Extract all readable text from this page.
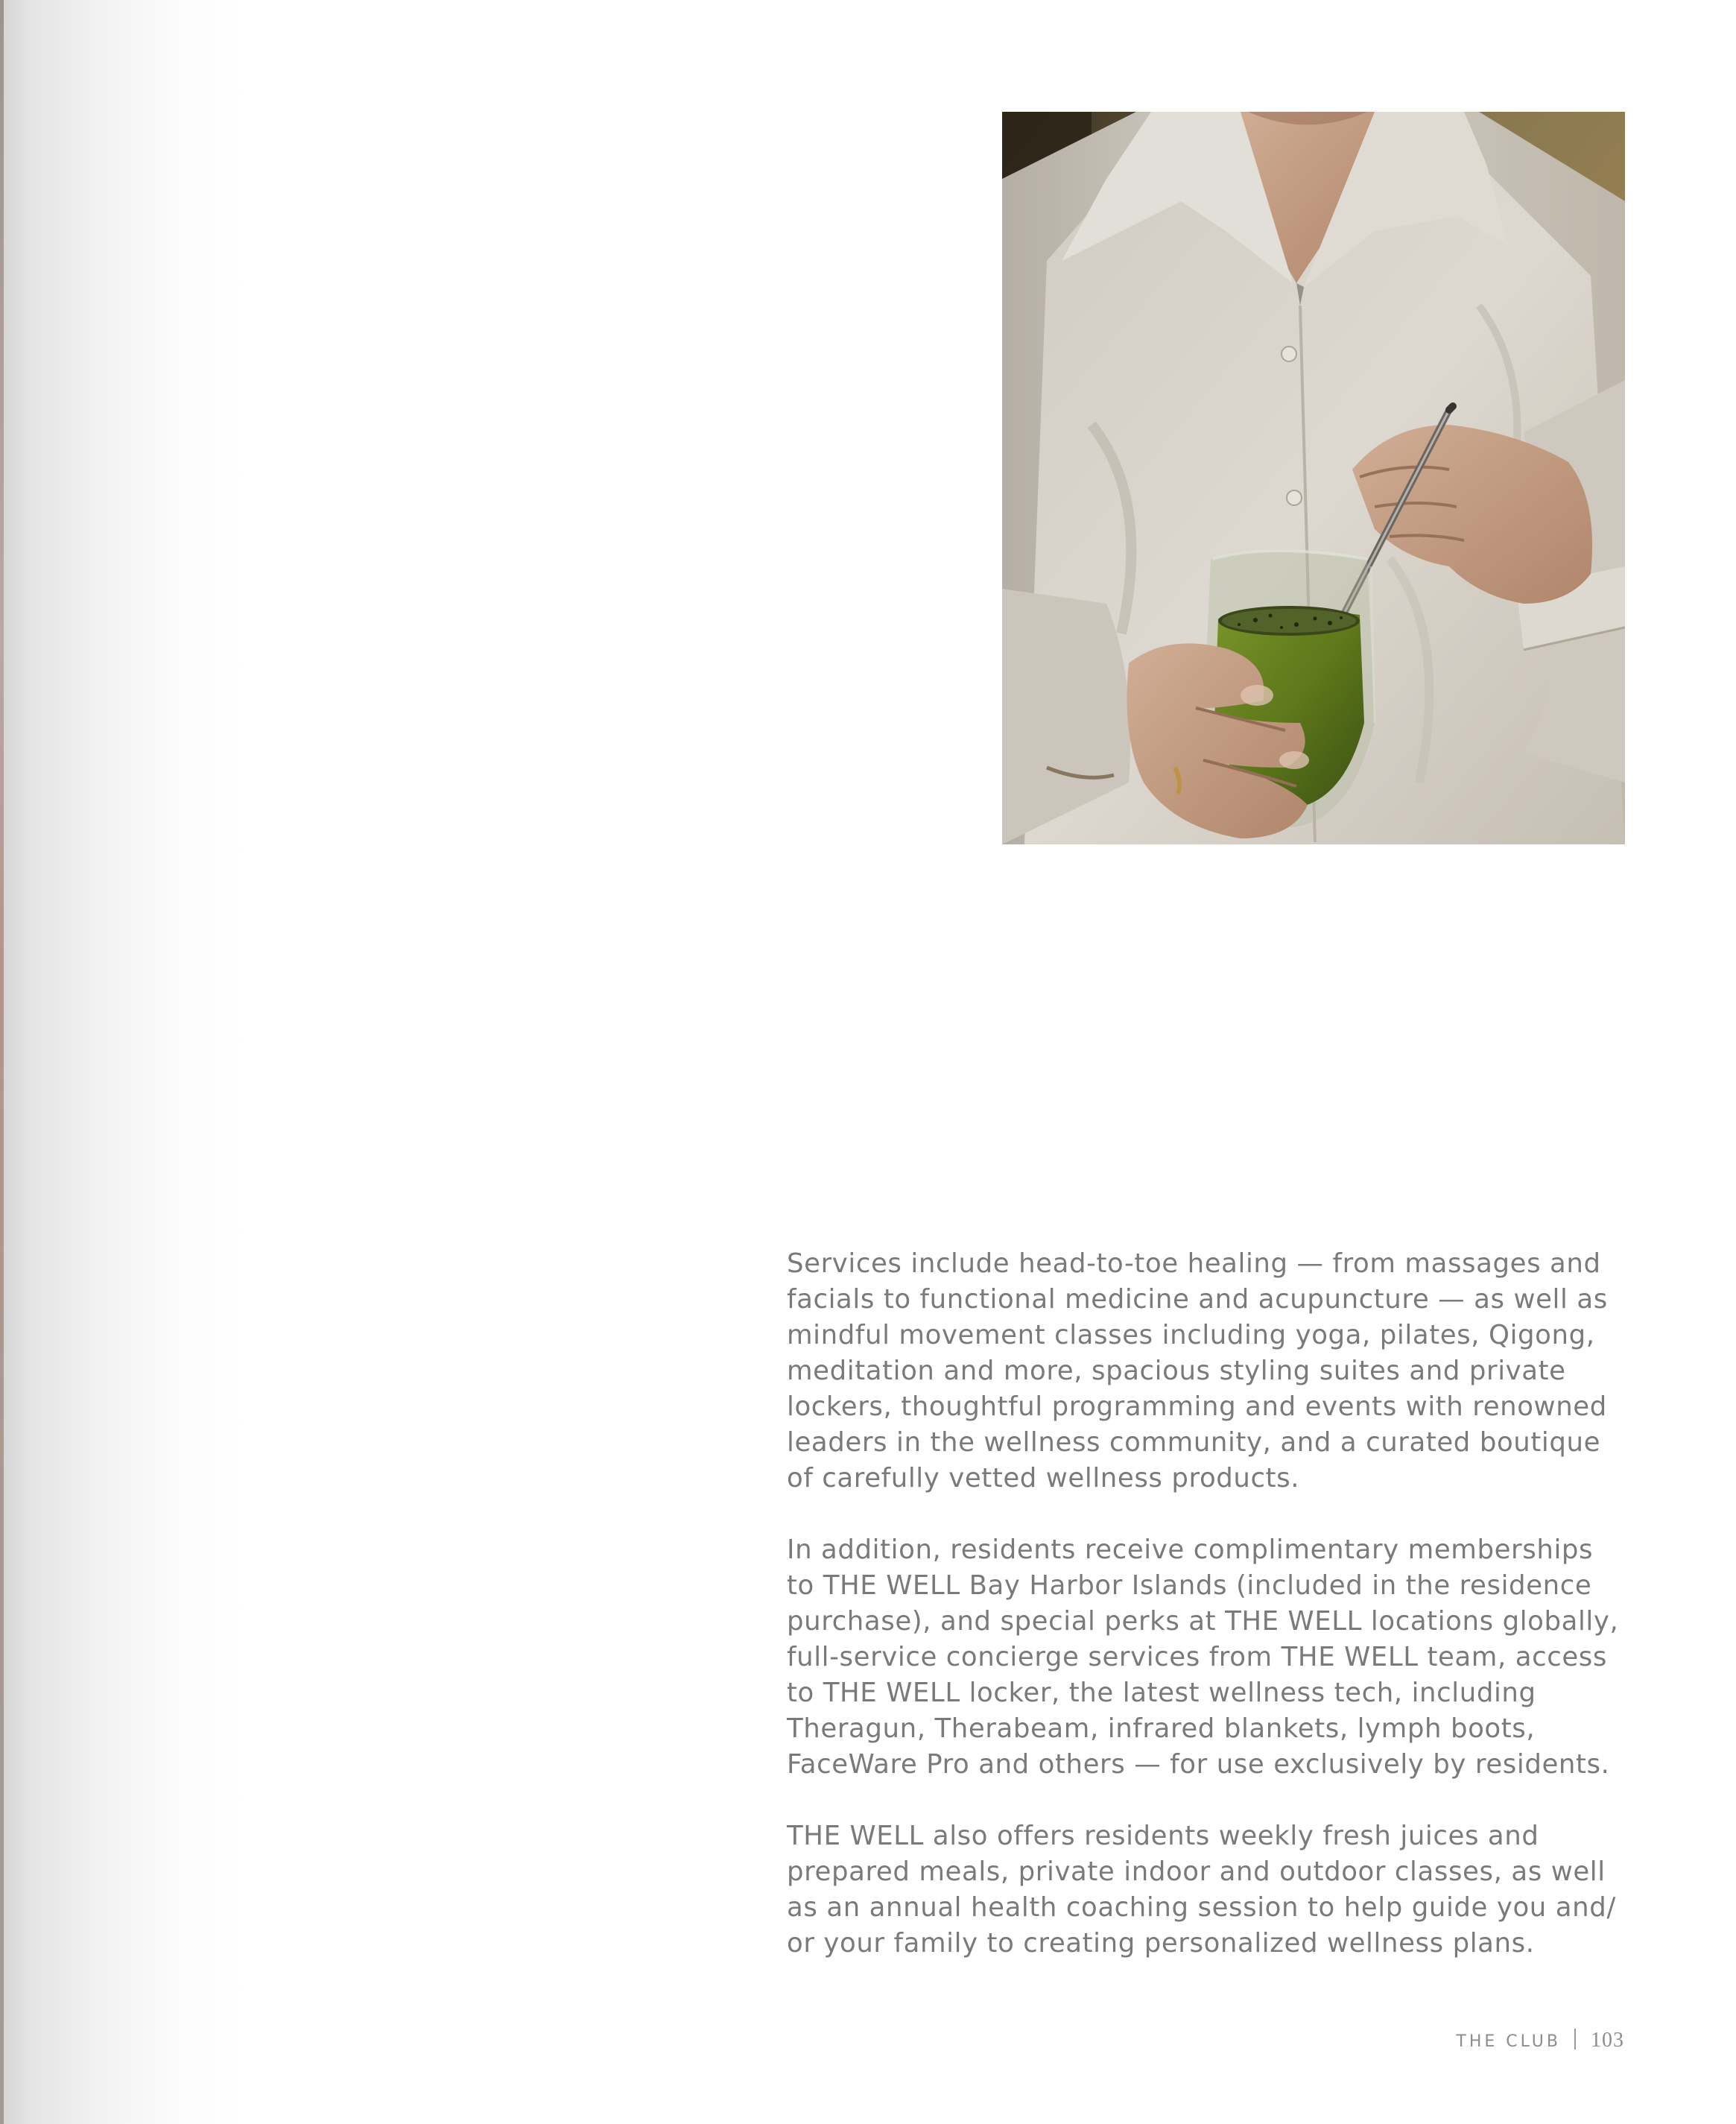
Services include head-to-toe healing — from massages and
facials to functional medicine and acupuncture — as well as
mindful movement classes including yoga, pilates, Qigong,
meditation and more, spacious styling suites and private
lockers, thoughtful programming and events with renowned
leaders in the wellness community, and a curated boutique
of carefully vetted wellness products.

In addition, residents receive complimentary memberships
to THE WELL Bay Harbor Islands (included in the residence
purchase), and special perks at THE WELL locations globally,
full-service concierge services from THE WELL team, access
to THE WELL locker, the latest wellness tech, including
Theragun, Therabeam, infrared blankets, lymph boots,
FaceWare Pro and others — for use exclusively by residents.

THE WELL also offers residents weekly fresh juices and
prepared meals, private indoor and outdoor classes, as well
as an annual health coaching session to help guide you and/
or your family to creating personalized wellness plans.

THE CLUB 103
